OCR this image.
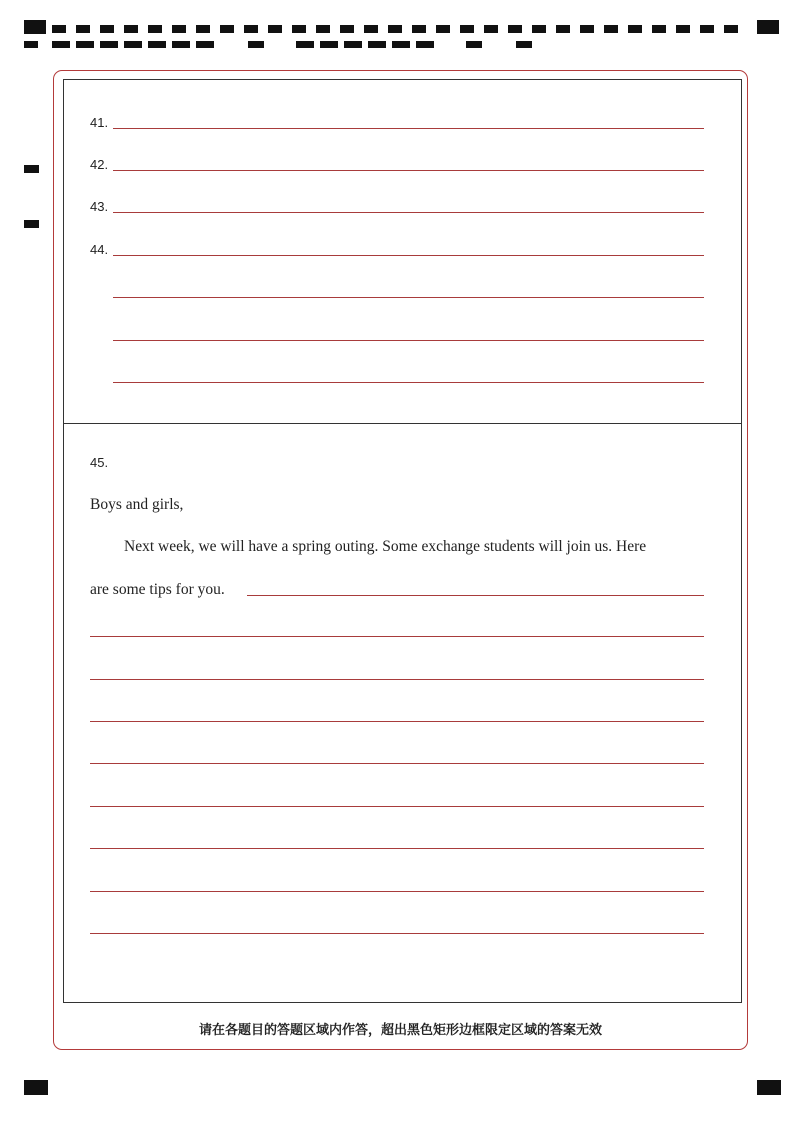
41.
42.
43.
44.
45.
Boys and girls,
Next week, we will have a spring outing. Some exchange students will join us. Here
are some tips for you.
请在各题目的答题区域内作答，超出黑色矩形边框限定区域的答案无效
